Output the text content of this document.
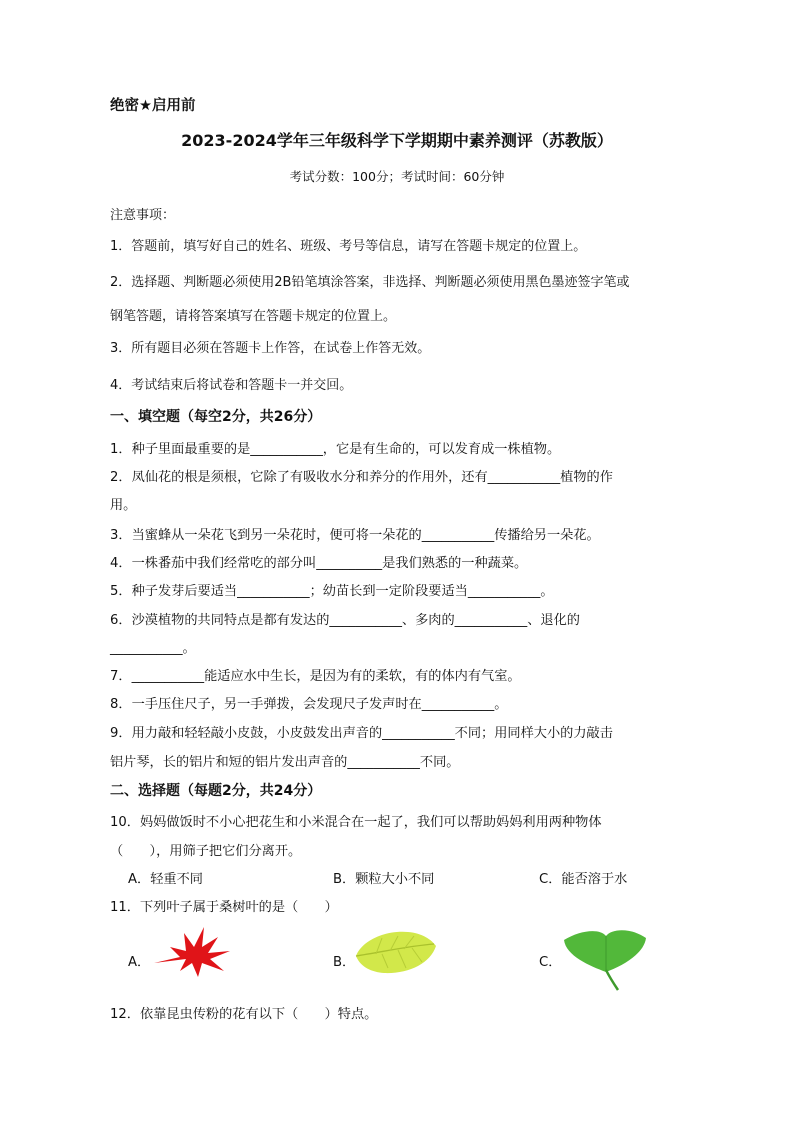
绝密★启用前
2023-2024学年三年级科学下学期期中素养测评（苏教版）
考试分数：100分；考试时间：60分钟
注意事项：
1．答题前，填写好自己的姓名、班级、考号等信息，请写在答题卡规定的位置上。
2．选择题、判断题必须使用2B铅笔填涂答案，非选择、判断题必须使用黑色墨迹签字笔或
钢笔答题，请将答案填写在答题卡规定的位置上。
3．所有题目必须在答题卡上作答，在试卷上作答无效。
4．考试结束后将试卷和答题卡一并交回。
一、填空题（每空2分，共26分）
1．种子里面最重要的是___________，它是有生命的，可以发育成一株植物。
2．凤仙花的根是须根，它除了有吸收水分和养分的作用外，还有___________植物的作
用。
3．当蜜蜂从一朵花飞到另一朵花时，便可将一朵花的___________传播给另一朵花。
4．一株番茄中我们经常吃的部分叫__________是我们熟悉的一种蔬菜。
5．种子发芽后要适当___________；幼苗长到一定阶段要适当___________。
6．沙漠植物的共同特点是都有发达的___________、多肉的___________、退化的
___________。
7．___________能适应水中生长，是因为有的柔软，有的体内有气室。
8．一手压住尺子，另一手弹拨，会发现尺子发声时在___________。
9．用力敲和轻轻敲小皮鼓，小皮鼓发出声音的___________不同；用同样大小的力敲击
铝片琴，长的铝片和短的铝片发出声音的___________不同。
二、选择题（每题2分，共24分）
10．妈妈做饭时不小心把花生和小米混合在一起了，我们可以帮助妈妈利用两种物体
（　　），用筛子把它们分离开。
A．轻重不同	B．颗粒大小不同	C．能否溶于水
11．下列叶子属于桑树叶的是（　　）
A．	B．	C．
12．依靠昆虫传粉的花有以下（　　）特点。
